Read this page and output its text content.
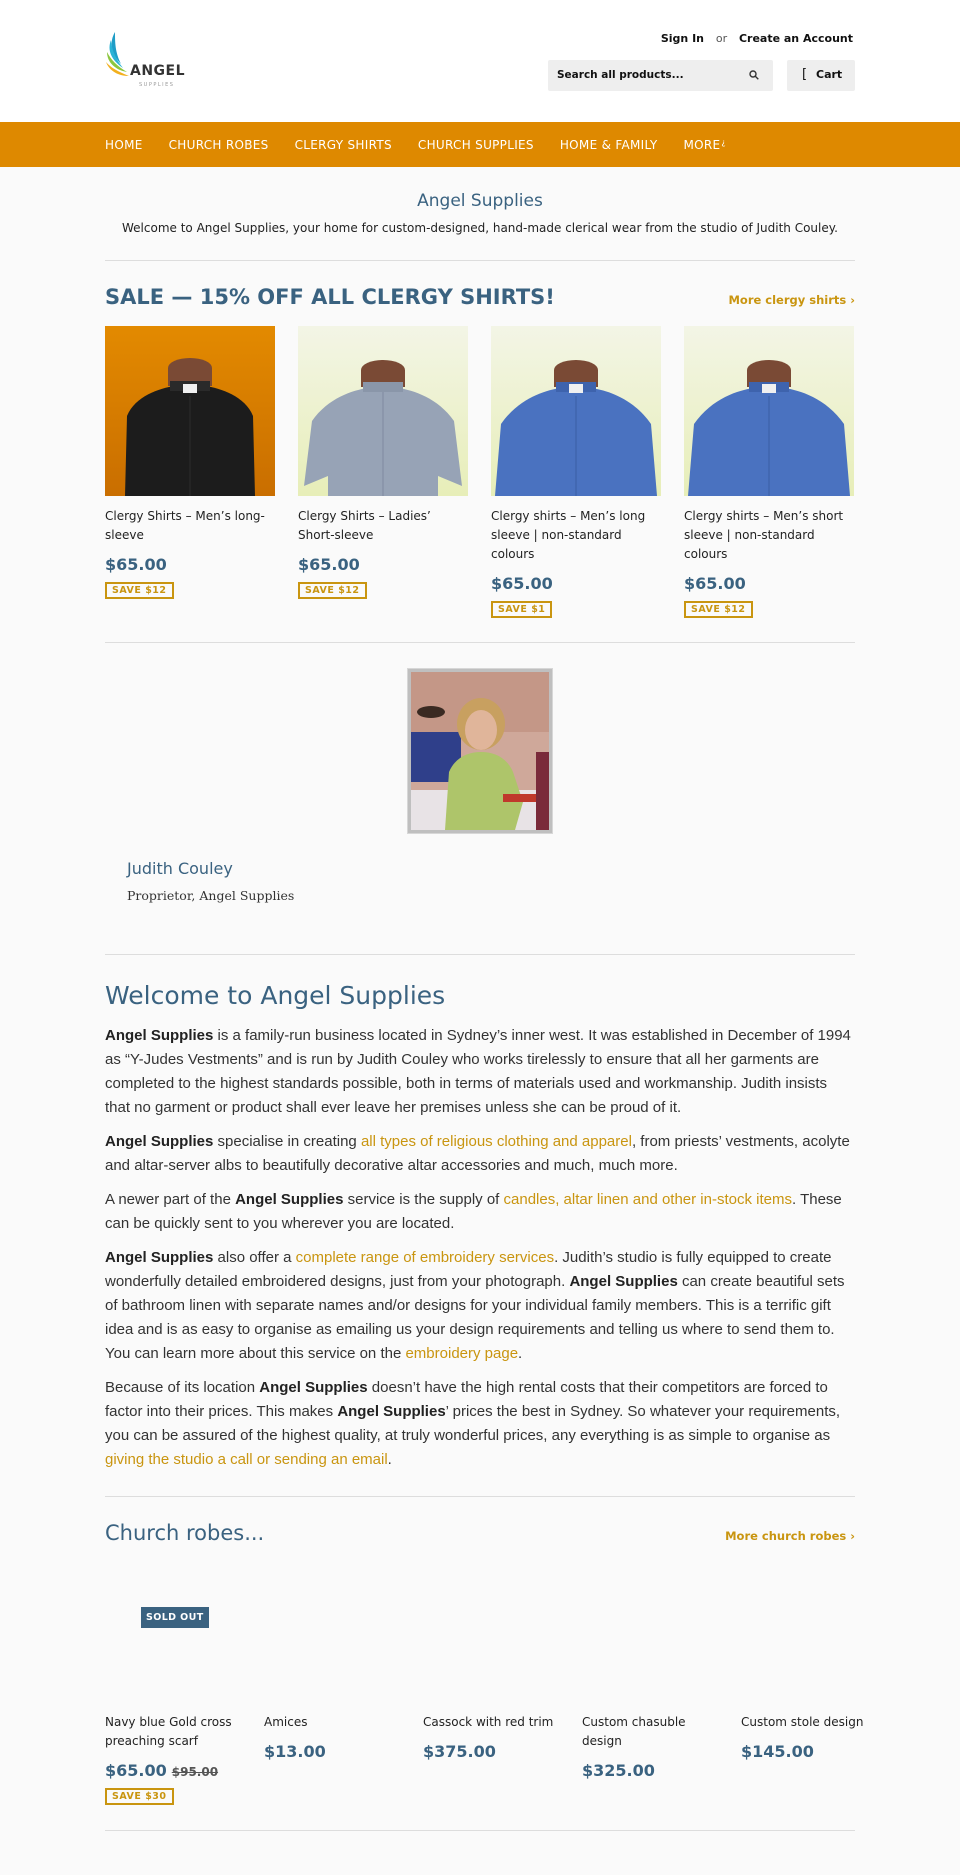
ANGEL
SUPPLIES
Sign In or Create an Account
Search all products...	[ Cart
HOME CHURCH ROBES CLERGY SHIRTS CHURCH SUPPLIES HOME & FAMILY MORE¿
Angel Supplies
Welcome to Angel Supplies, your home for custom-designed, hand-made clerical wear from the studio of Judith Couley.
SALE — 15% OFF ALL CLERGY SHIRTS!	More clergy shirts ›
Clergy Shirts – Men’s long-sleeve
$65.00
SAVE $12
Clergy Shirts – Ladies’ Short-sleeve
$65.00
SAVE $12
Clergy shirts – Men’s long sleeve | non-standard colours
$65.00
SAVE $1
Clergy shirts – Men’s short sleeve | non-standard colours
$65.00
SAVE $12
Judith Couley
Proprietor, Angel Supplies
Welcome to Angel Supplies

Angel Supplies is a family-run business located in Sydney’s inner west. It was established in December of 1994 as “Y-Judes Vestments” and is run by Judith Couley who works tirelessly to ensure that all her garments are completed to the highest standards possible, both in terms of materials used and workmanship. Judith insists that no garment or product shall ever leave her premises unless she can be proud of it.

Angel Supplies specialise in creating all types of religious clothing and apparel, from priests’ vestments, acolyte and altar-server albs to beautifully decorative altar accessories and much, much more.

A newer part of the Angel Supplies service is the supply of candles, altar linen and other in-stock items. These can be quickly sent to you wherever you are located.

Angel Supplies also offer a complete range of embroidery services. Judith’s studio is fully equipped to create wonderfully detailed embroidered designs, just from your photograph. Angel Supplies can create beautiful sets of bathroom linen with separate names and/or designs for your individual family members. This is a terrific gift idea and is as easy to organise as emailing us your design requirements and telling us where to send them to. You can learn more about this service on the embroidery page.

Because of its location Angel Supplies doesn’t have the high rental costs that their competitors are forced to factor into their prices. This makes Angel Supplies’ prices the best in Sydney. So whatever your requirements, you can be assured of the highest quality, at truly wonderful prices, any everything is as simple to organise as giving the studio a call or sending an email.

Church robes...	More church robes ›
SOLD OUT
Navy blue Gold cross preaching scarf
$65.00 $95.00
SAVE $30
Amices
$13.00
Cassock with red trim
$375.00
Custom chasuble design
$325.00
Custom stole design
$145.00
